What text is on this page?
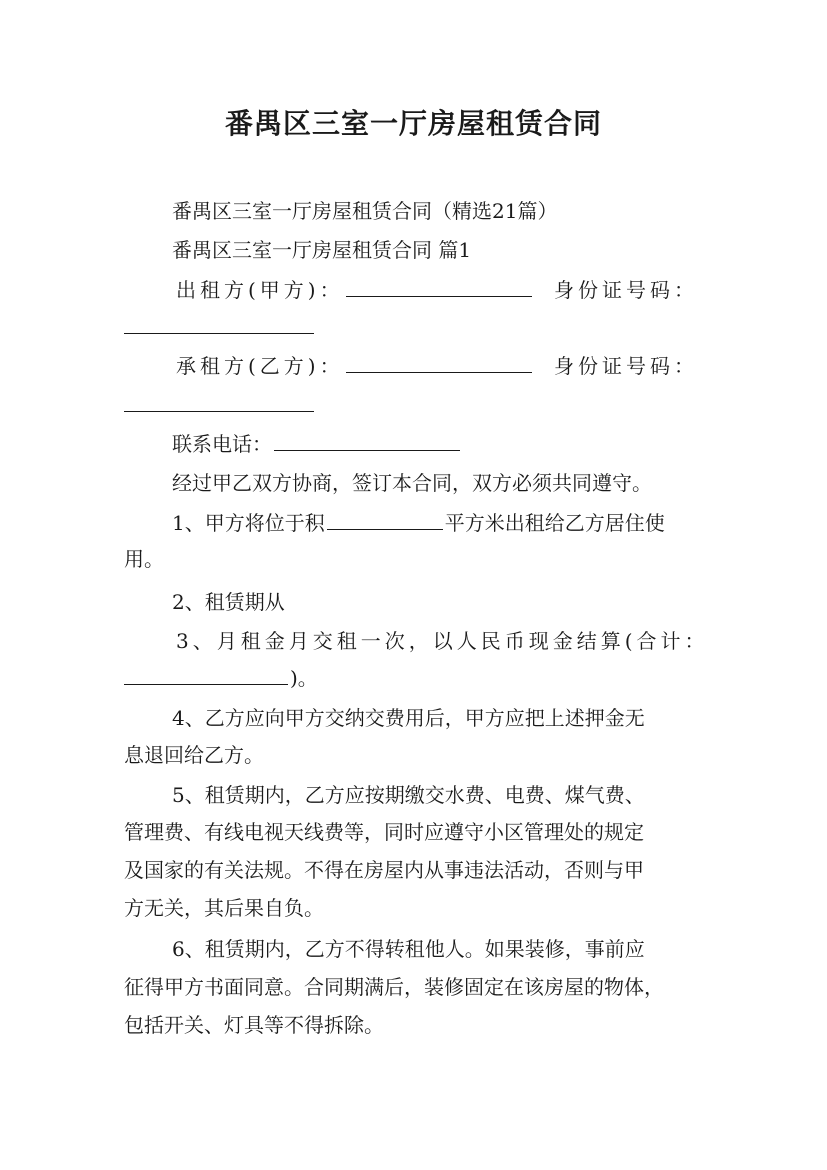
番禺区三室一厅房屋租赁合同
番禺区三室一厅房屋租赁合同（精选21篇）
番禺区三室一厅房屋租赁合同 篇1
出租方(甲方)：	身份证号码：
承租方(乙方)：	身份证号码：
联系电话：
经过甲乙双方协商，签订本合同，双方必须共同遵守。
1、甲方将位于积	平方米出租给乙方居住使
用。
2、租赁期从
3、月租金月交租一次，以人民币现金结算(合计：
)。
4、乙方应向甲方交纳交费用后，甲方应把上述押金无
息退回给乙方。
5、租赁期内，乙方应按期缴交水费、电费、煤气费、
管理费、有线电视天线费等，同时应遵守小区管理处的规定
及国家的有关法规。不得在房屋内从事违法活动，否则与甲
方无关，其后果自负。
6、租赁期内，乙方不得转租他人。如果装修，事前应
征得甲方书面同意。合同期满后，装修固定在该房屋的物体，
包括开关、灯具等不得拆除。
